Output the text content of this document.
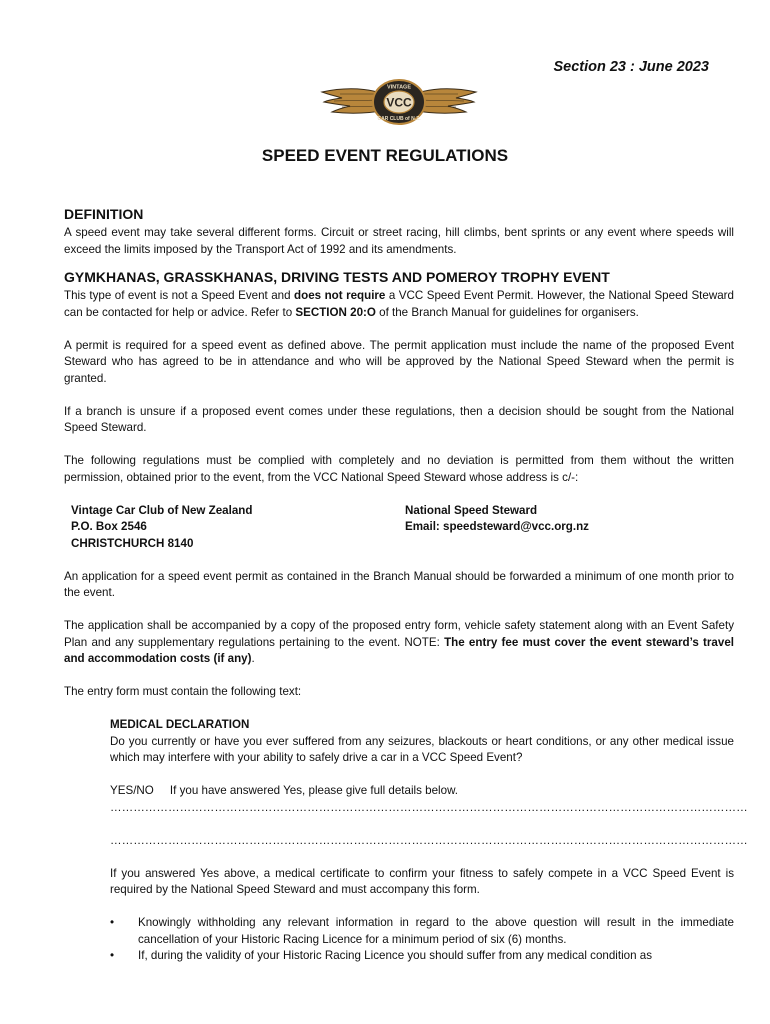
Section 23 : June 2023
VCC
VINTAGE
CAR CLUB of N.Z.
SPEED EVENT REGULATIONS
DEFINITION

A speed event may take several different forms. Circuit or street racing, hill climbs, bent sprints or any event where speeds will exceed the limits imposed by the Transport Act of 1992 and its amendments.

GYMKHANAS, GRASSKHANAS, DRIVING TESTS AND POMEROY TROPHY EVENT

This type of event is not a Speed Event and does not require a VCC Speed Event Permit. However, the National Speed Steward can be contacted for help or advice. Refer to SECTION 20:O of the Branch Manual for guidelines for organisers.

A permit is required for a speed event as defined above. The permit application must include the name of the proposed Event Steward who has agreed to be in attendance and who will be approved by the National Speed Steward when the permit is granted.

If a branch is unsure if a proposed event comes under these regulations, then a decision should be sought from the National Speed Steward.

The following regulations must be complied with completely and no deviation is permitted from them without the written permission, obtained prior to the event, from the VCC National Speed Steward whose address is c/-:

Vintage Car Club of New Zealand
P.O. Box 2546
CHRISTCHURCH 8140
National Speed Steward
Email: speedsteward@vcc.org.nz

An application for a speed event permit as contained in the Branch Manual should be forwarded a minimum of one month prior to the event.

The application shall be accompanied by a copy of the proposed entry form, vehicle safety statement along with an Event Safety Plan and any supplementary regulations pertaining to the event. NOTE: The entry fee must cover the event steward’s travel and accommodation costs (if any).

The entry form must contain the following text:

MEDICAL DECLARATION

Do you currently or have you ever suffered from any seizures, blackouts or heart conditions, or any other medical issue which may interfere with your ability to safely drive a car in a VCC Speed Event?

YES/NO If you have answered Yes, please give full details below.
…………………………………………………………………………………………………………………………………………………
…………………………………………………………………………………………………………………………………………………

If you answered Yes above, a medical certificate to confirm your fitness to safely compete in a VCC Speed Event is required by the National Speed Steward and must accompany this form.

• Knowingly withholding any relevant information in regard to the above question will result in the immediate cancellation of your Historic Racing Licence for a minimum period of six (6) months.
• If, during the validity of your Historic Racing Licence you should suffer from any medical condition as
